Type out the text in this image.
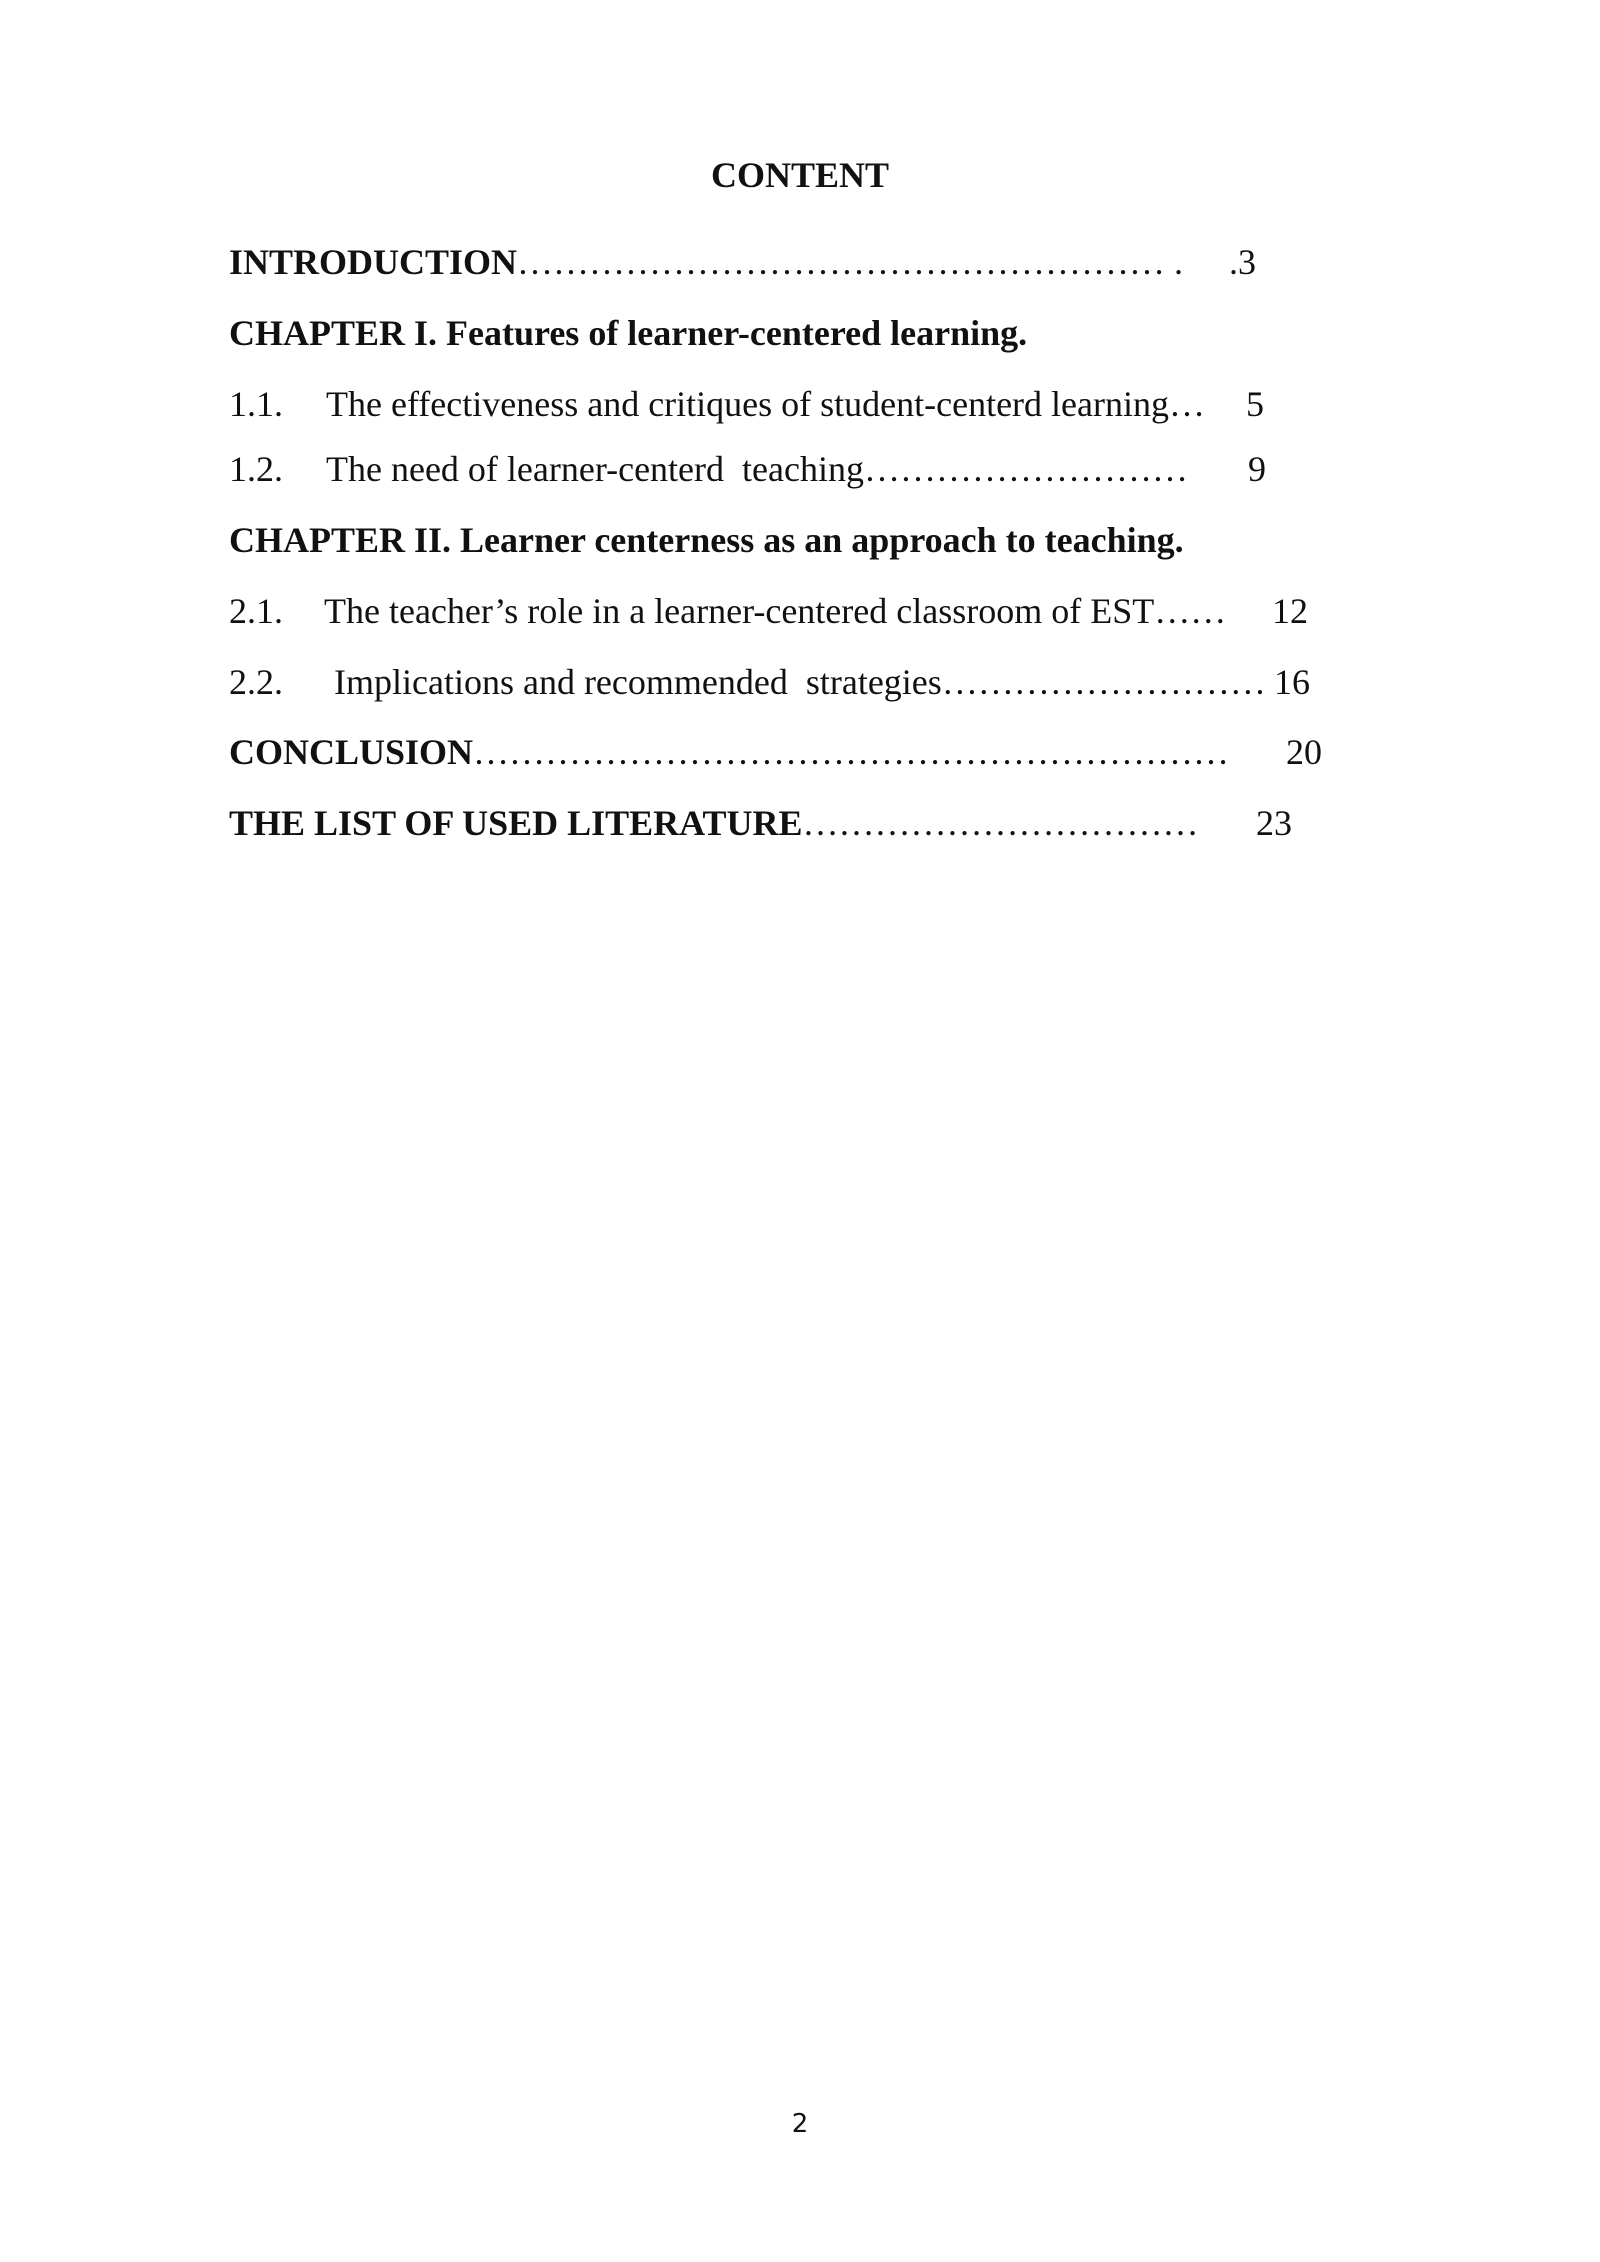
CONTENT
INTRODUCTION ……………………………………………… .	.3
CHAPTER I. Features of learner-centered learning.
1.1.	The effectiveness and critiques of student-centerd learning …	5
1.2.	The need of learner-centerd  teaching ………………………	9
CHAPTER II. Learner centerness as an approach to teaching.
2.1.	The teacher’s role in a learner-centered classroom of EST ……	12
2.2.	Implications and recommended  strategies ……………………… 16
CONCLUSION ………………………………………………………	20
THE LIST OF USED LITERATURE ……………………………	23
2
